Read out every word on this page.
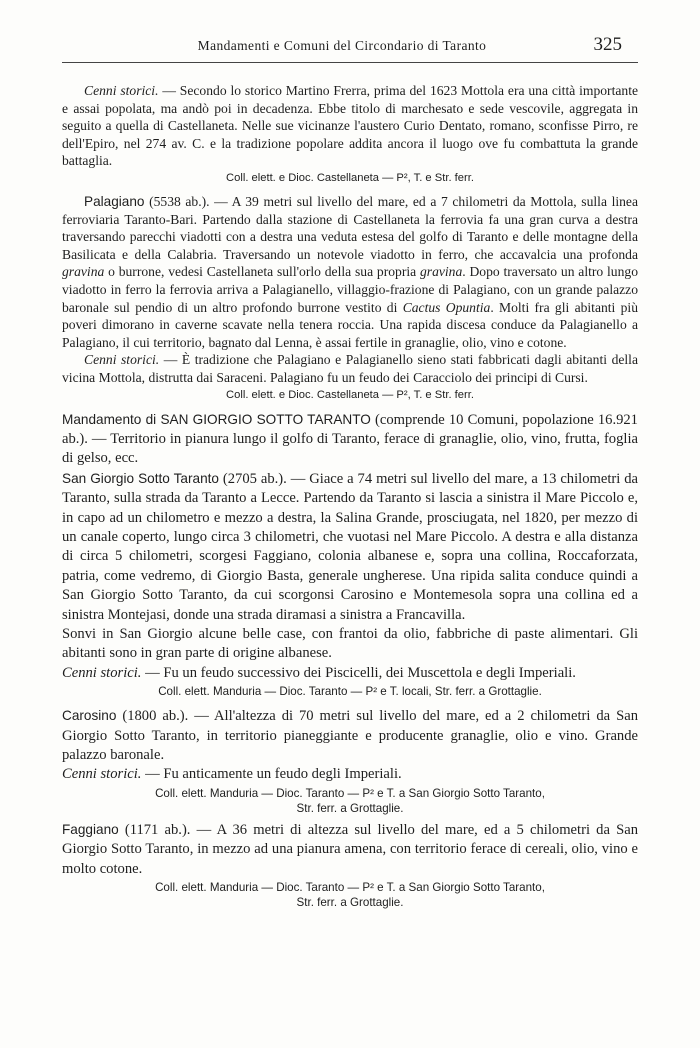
Mandamenti e Comuni del Circondario di Taranto	325

Cenni storici. — Secondo lo storico Martino Frerra, prima del 1623 Mottola era una città importante e assai popolata, ma andò poi in decadenza. Ebbe titolo di marchesato e sede vescovile, aggregata in seguito a quella di Castellaneta. Nelle sue vicinanze l'austero Curio Dentato, romano, sconfisse Pirro, re dell'Epiro, nel 274 av. C. e la tradizione popolare addita ancora il luogo ove fu combattuta la grande battaglia.

Coll. elett. e Dioc. Castellaneta — P², T. e Str. ferr.

Palagiano (5538 ab.). — A 39 metri sul livello del mare, ed a 7 chilometri da Mottola, sulla linea ferroviaria Taranto-Bari. Partendo dalla stazione di Castellaneta la ferrovia fa una gran curva a destra traversando parecchi viadotti con a destra una veduta estesa del golfo di Taranto e delle montagne della Basilicata e della Calabria. Traversando un notevole viadotto in ferro, che accavalcia una profonda gravina o burrone, vedesi Castellaneta sull'orlo della sua propria gravina. Dopo traversato un altro lungo viadotto in ferro la ferrovia arriva a Palagianello, villaggio-frazione di Palagiano, con un grande palazzo baronale sul pendio di un altro profondo burrone vestito di Cactus Opuntia. Molti fra gli abitanti più poveri dimorano in caverne scavate nella tenera roccia. Una rapida discesa conduce da Palagianello a Palagiano, il cui territorio, bagnato dal Lenna, è assai fertile in granaglie, olio, vino e cotone.

Cenni storici. — È tradizione che Palagiano e Palagianello sieno stati fabbricati dagli abitanti della vicina Mottola, distrutta dai Saraceni. Palagiano fu un feudo dei Caracciolo dei principi di Cursi.

Coll. elett. e Dioc. Castellaneta — P², T. e Str. ferr.

Mandamento di SAN GIORGIO SOTTO TARANTO (comprende 10 Comuni, popolazione 16.921 ab.). — Territorio in pianura lungo il golfo di Taranto, ferace di granaglie, olio, vino, frutta, foglia di gelso, ecc.

San Giorgio Sotto Taranto (2705 ab.). — Giace a 74 metri sul livello del mare, a 13 chilometri da Taranto, sulla strada da Taranto a Lecce. Partendo da Taranto si lascia a sinistra il Mare Piccolo e, in capo ad un chilometro e mezzo a destra, la Salina Grande, prosciugata, nel 1820, per mezzo di un canale coperto, lungo circa 3 chilometri, che vuotasi nel Mare Piccolo. A destra e alla distanza di circa 5 chilometri, scorgesi Faggiano, colonia albanese e, sopra una collina, Roccaforzata, patria, come vedremo, di Giorgio Basta, generale ungherese. Una ripida salita conduce quindi a San Giorgio Sotto Taranto, da cui scorgonsi Carosino e Montemesola sopra una collina ed a sinistra Montejasi, donde una strada diramasi a sinistra a Francavilla.

Sonvi in San Giorgio alcune belle case, con frantoi da olio, fabbriche di paste alimentari. Gli abitanti sono in gran parte di origine albanese.

Cenni storici. — Fu un feudo successivo dei Piscicelli, dei Muscettola e degli Imperiali.

Coll. elett. Manduria — Dioc. Taranto — P² e T. locali, Str. ferr. a Grottaglie.

Carosino (1800 ab.). — All'altezza di 70 metri sul livello del mare, ed a 2 chilometri da San Giorgio Sotto Taranto, in territorio pianeggiante e producente granaglie, olio e vino. Grande palazzo baronale.

Cenni storici. — Fu anticamente un feudo degli Imperiali.

Coll. elett. Manduria — Dioc. Taranto — P² e T. a San Giorgio Sotto Taranto,
Str. ferr. a Grottaglie.

Faggiano (1171 ab.). — A 36 metri di altezza sul livello del mare, ed a 5 chilometri da San Giorgio Sotto Taranto, in mezzo ad una pianura amena, con territorio ferace di cereali, olio, vino e molto cotone.

Coll. elett. Manduria — Dioc. Taranto — P² e T. a San Giorgio Sotto Taranto,
Str. ferr. a Grottaglie.
